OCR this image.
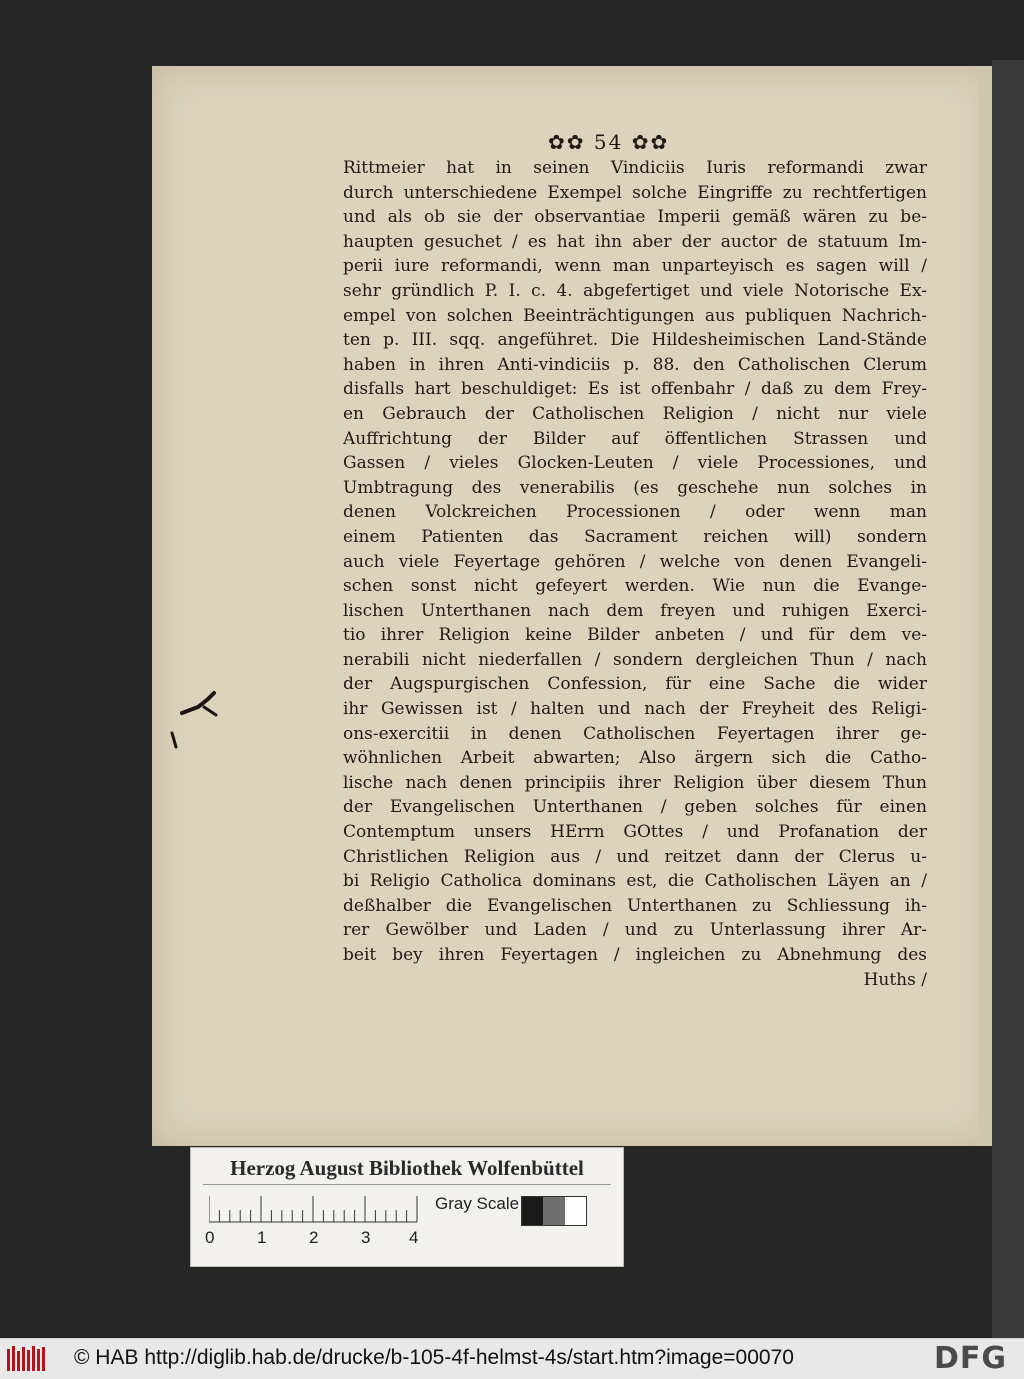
✿✿ 54 ✿✿
Rittmeier hat in seinen Vindiciis Iuris reformandi zwar
durch unterschiedene Exempel solche Eingriffe zu rechtfertigen
und als ob sie der observantiae Imperii gemäß wären zu be-
haupten gesuchet / es hat ihn aber der auctor de statuum Im-
perii iure reformandi, wenn man unparteyisch es sagen will /
sehr gründlich P. I. c. 4. abgefertiget und viele Notorische Ex-
empel von solchen Beeinträchtigungen aus publiquen Nachrich-
ten p. III. sqq. angeführet. Die Hildesheimischen Land-Stände
haben in ihren Anti-vindiciis p. 88. den Catholischen Clerum
disfalls hart beschuldiget: Es ist offenbahr / daß zu dem Frey-
en Gebrauch der Catholischen Religion / nicht nur viele
Auffrichtung der Bilder auf öffentlichen Strassen und
Gassen / vieles Glocken-Leuten / viele Processiones, und
Umbtragung des venerabilis (es geschehe nun solches in
denen Volckreichen Processionen / oder wenn man
einem Patienten das Sacrament reichen will) sondern
auch viele Feyertage gehören / welche von denen Evangeli-
schen sonst nicht gefeyert werden. Wie nun die Evange-
lischen Unterthanen nach dem freyen und ruhigen Exerci-
tio ihrer Religion keine Bilder anbeten / und für dem ve-
nerabili nicht niederfallen / sondern dergleichen Thun / nach
der Augspurgischen Confession, für eine Sache die wider
ihr Gewissen ist / halten und nach der Freyheit des Religi-
ons-exercitii in denen Catholischen Feyertagen ihrer ge-
wöhnlichen Arbeit abwarten; Also ärgern sich die Catho-
lische nach denen principiis ihrer Religion über diesem Thun
der Evangelischen Unterthanen / geben solches für einen
Contemptum unsers HErrn GOttes / und Profanation der
Christlichen Religion aus / und reitzet dann der Clerus u-
bi Religio Catholica dominans est, die Catholischen Läyen an /
deßhalber die Evangelischen Unterthanen zu Schliessung ih-
rer Gewölber und Laden / und zu Unterlassung ihrer Ar-
beit bey ihren Feyertagen / ingleichen zu Abnehmung des
Huths /
Herzog August Bibliothek Wolfenbüttel
0	1	2	3 4
Gray Scale
© HAB http://diglib.hab.de/drucke/b-105-4f-helmst-4s/start.htm?image=00070	DFG
